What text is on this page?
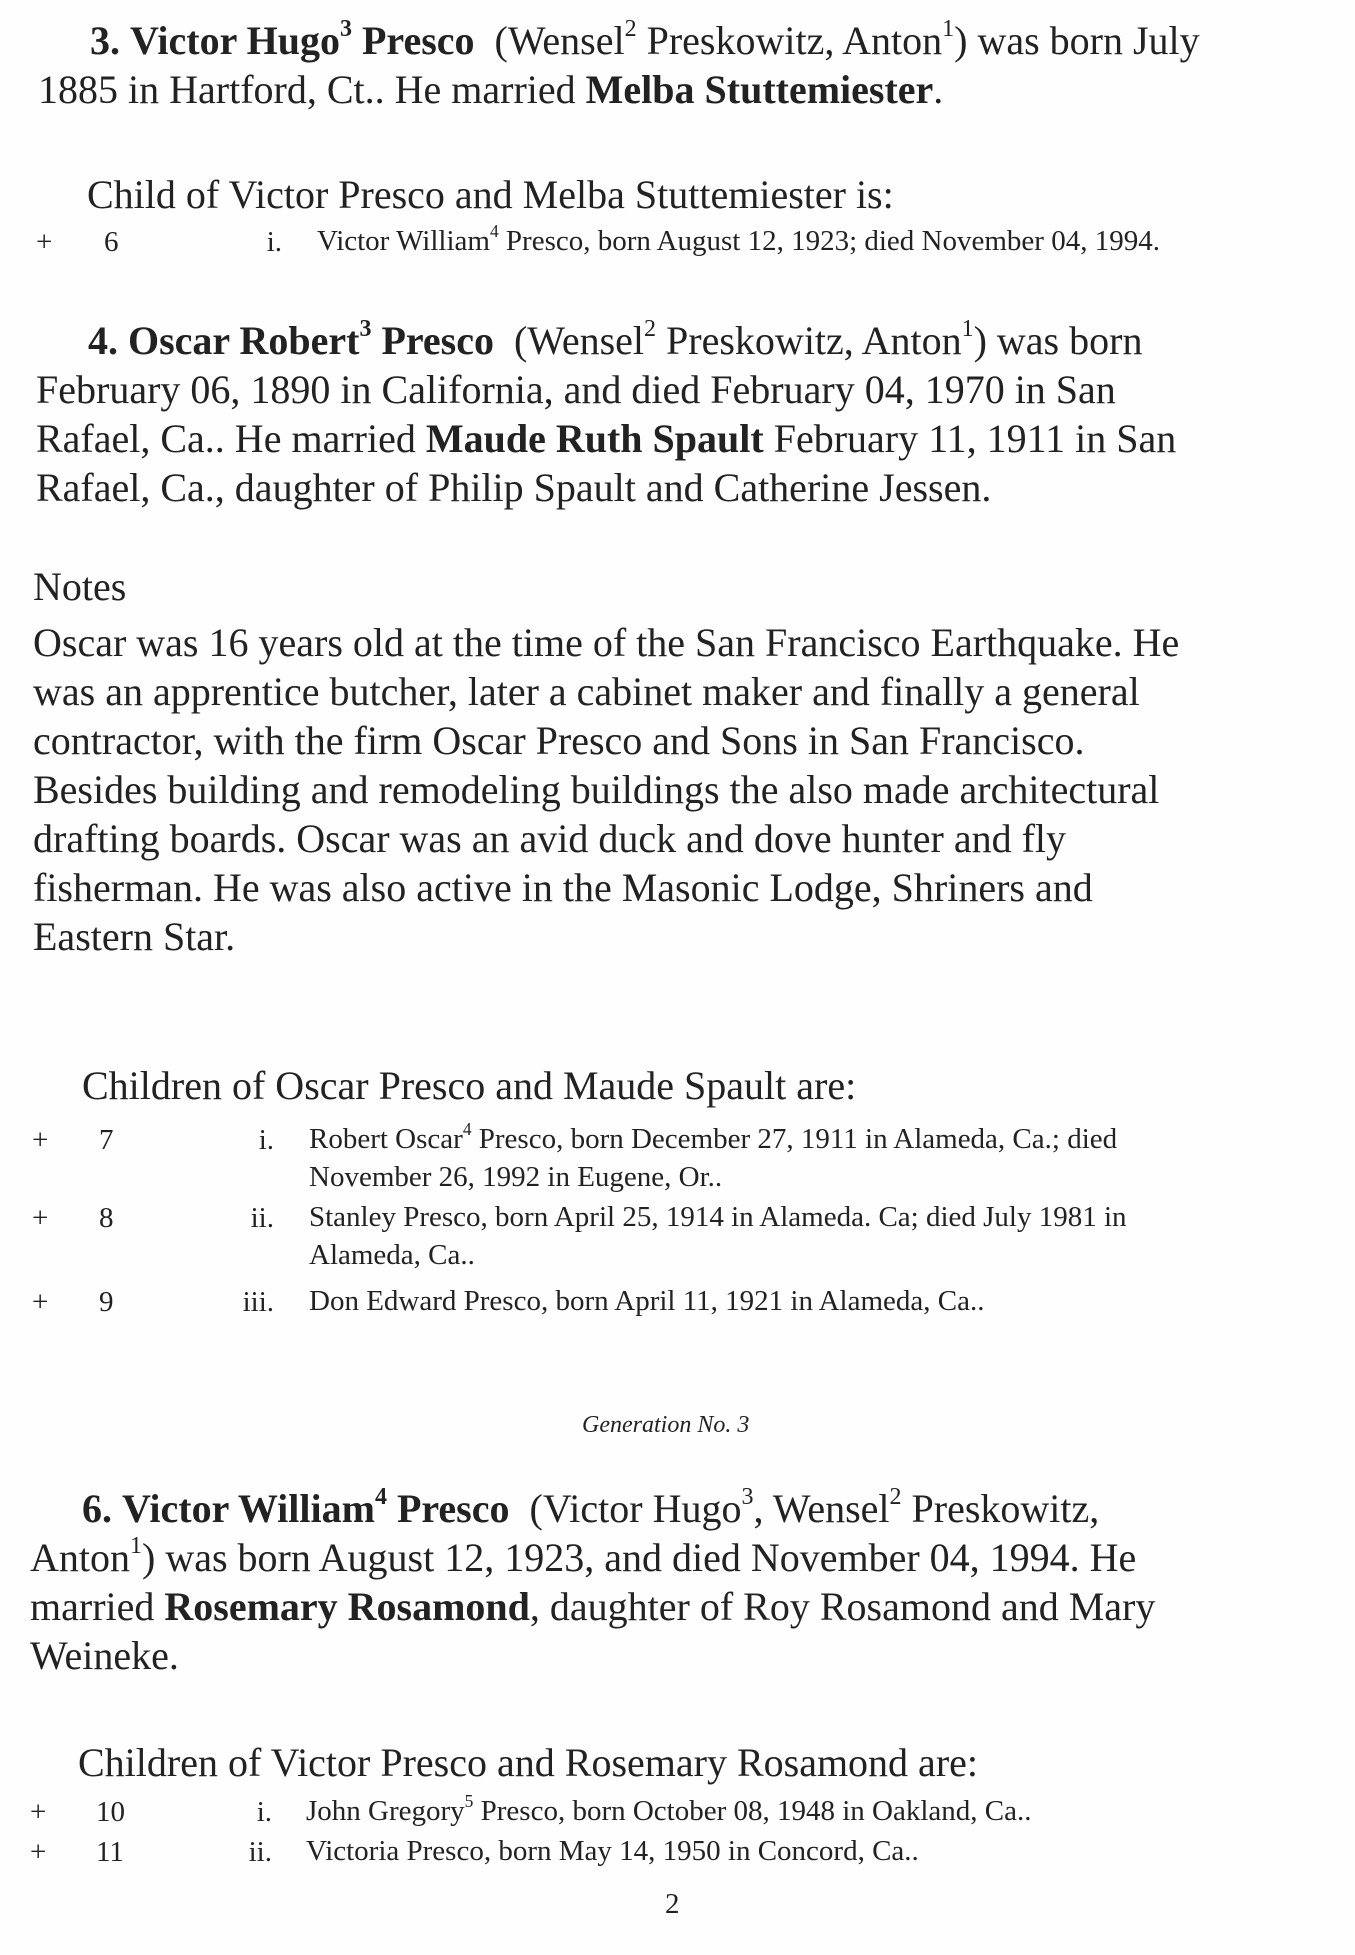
3. Victor Hugo$^3$ Presco (Wensel$^2$ Preskowitz, Anton$^1$) was born July
1885 in Hartford, Ct.. He married Melba Stuttemiester.
Child of Victor Presco and Melba Stuttemiester is:
+ 6	i. Victor William$^4$ Presco, born August 12, 1923; died November 04, 1994.
4. Oscar Robert$^3$ Presco (Wensel$^2$ Preskowitz, Anton$^1$) was born
February 06, 1890 in California, and died February 04, 1970 in San
Rafael, Ca.. He married Maude Ruth Spault February 11, 1911 in San
Rafael, Ca., daughter of Philip Spault and Catherine Jessen.
Notes
Oscar was 16 years old at the time of the San Francisco Earthquake. He
was an apprentice butcher, later a cabinet maker and finally a general
contractor, with the firm Oscar Presco and Sons in San Francisco.
Besides building and remodeling buildings the also made architectural
drafting boards. Oscar was an avid duck and dove hunter and fly
fisherman. He was also active in the Masonic Lodge, Shriners and
Eastern Star.
Children of Oscar Presco and Maude Spault are:
+ 7	i. Robert Oscar$^4$ Presco, born December 27, 1911 in Alameda, Ca.; died
November 26, 1992 in Eugene, Or..
+ 8	ii. Stanley Presco, born April 25, 1914 in Alameda. Ca; died July 1981 in
Alameda, Ca..
+ 9	iii. Don Edward Presco, born April 11, 1921 in Alameda, Ca..
Generation No. 3
6. Victor William$^4$ Presco (Victor Hugo$^3$, Wensel$^2$ Preskowitz,
Anton$^1$) was born August 12, 1923, and died November 04, 1994. He
married Rosemary Rosamond, daughter of Roy Rosamond and Mary
Weineke.
Children of Victor Presco and Rosemary Rosamond are:
+ 10	i. John Gregory$^5$ Presco, born October 08, 1948 in Oakland, Ca..
+ 11	ii. Victoria Presco, born May 14, 1950 in Concord, Ca..
2
